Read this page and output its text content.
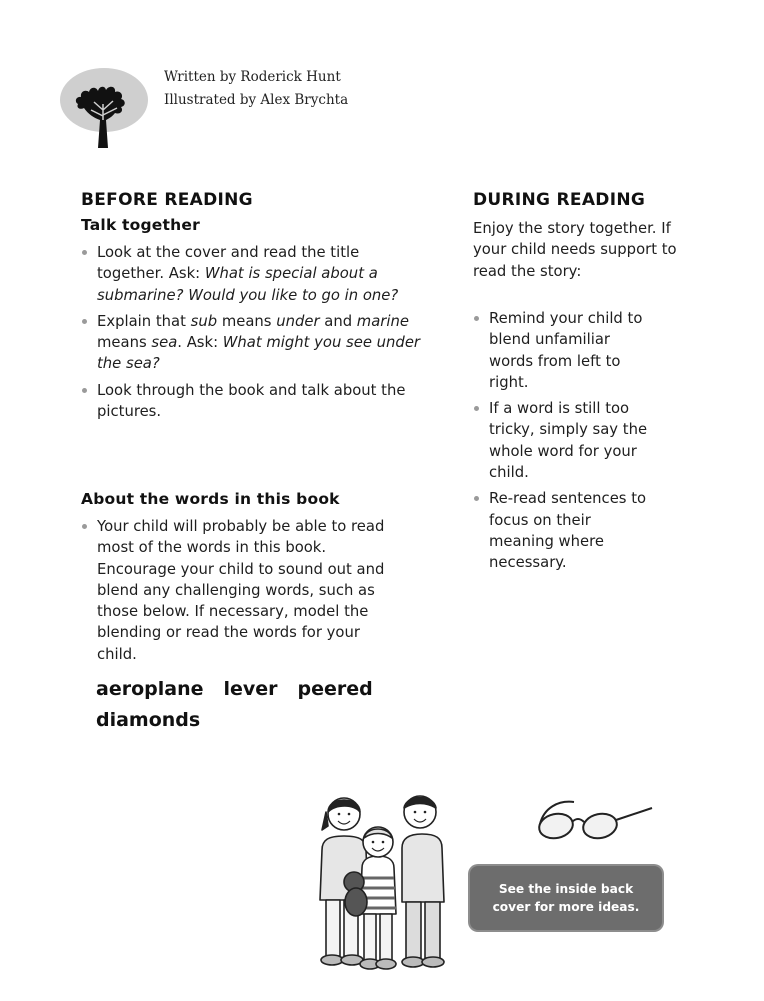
Written by Roderick Hunt
Illustrated by Alex Brychta
BEFORE READING
Talk together
Look at the cover and read the title together. Ask: What is special about a submarine? Would you like to go in one?
Explain that sub means under and marine means sea. Ask: What might you see under the sea?
Look through the book and talk about the pictures.
About the words in this book
Your child will probably be able to read most of the words in this book. Encourage your child to sound out and blend any challenging words, such as those below. If necessary, model the blending or read the words for your child.
aeroplane lever peereddiamonds
DURING READING
Enjoy the story together. If your child needs support to read the story:
Remind your child to blend unfamiliar words from left to right.
If a word is still too tricky, simply say the whole word for your child.
Re-read sentences to focus on their meaning where necessary.
See the inside back cover for more ideas.
